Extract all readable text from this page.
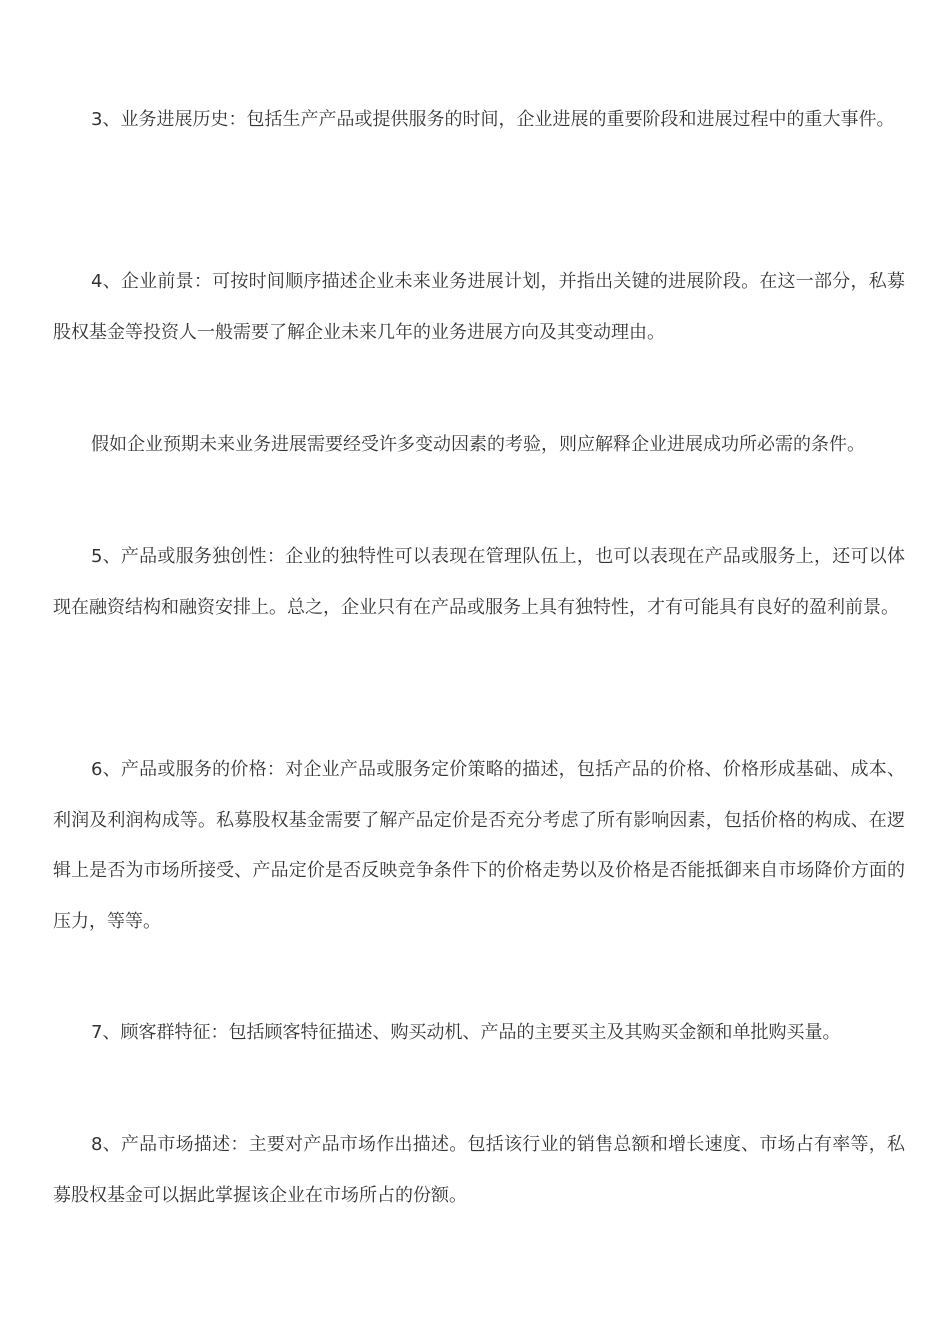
3、业务进展历史：包括生产产品或提供服务的时间，企业进展的重要阶段和进展过程中的重大事件。

4、企业前景：可按时间顺序描述企业未来业务进展计划，并指出关键的进展阶段。在这一部分，私募股权基金等投资人一般需要了解企业未来几年的业务进展方向及其变动理由。

假如企业预期未来业务进展需要经受许多变动因素的考验，则应解释企业进展成功所必需的条件。

5、产品或服务独创性：企业的独特性可以表现在管理队伍上，也可以表现在产品或服务上，还可以体现在融资结构和融资安排上。总之，企业只有在产品或服务上具有独特性，才有可能具有良好的盈利前景。

6、产品或服务的价格：对企业产品或服务定价策略的描述，包括产品的价格、价格形成基础、成本、利润及利润构成等。私募股权基金需要了解产品定价是否充分考虑了所有影响因素，包括价格的构成、在逻辑上是否为市场所接受、产品定价是否反映竞争条件下的价格走势以及价格是否能抵御来自市场降价方面的压力，等等。

7、顾客群特征：包括顾客特征描述、购买动机、产品的主要买主及其购买金额和单批购买量。

8、产品市场描述：主要对产品市场作出描述。包括该行业的销售总额和增长速度、市场占有率等，私募股权基金可以据此掌握该企业在市场所占的份额。
